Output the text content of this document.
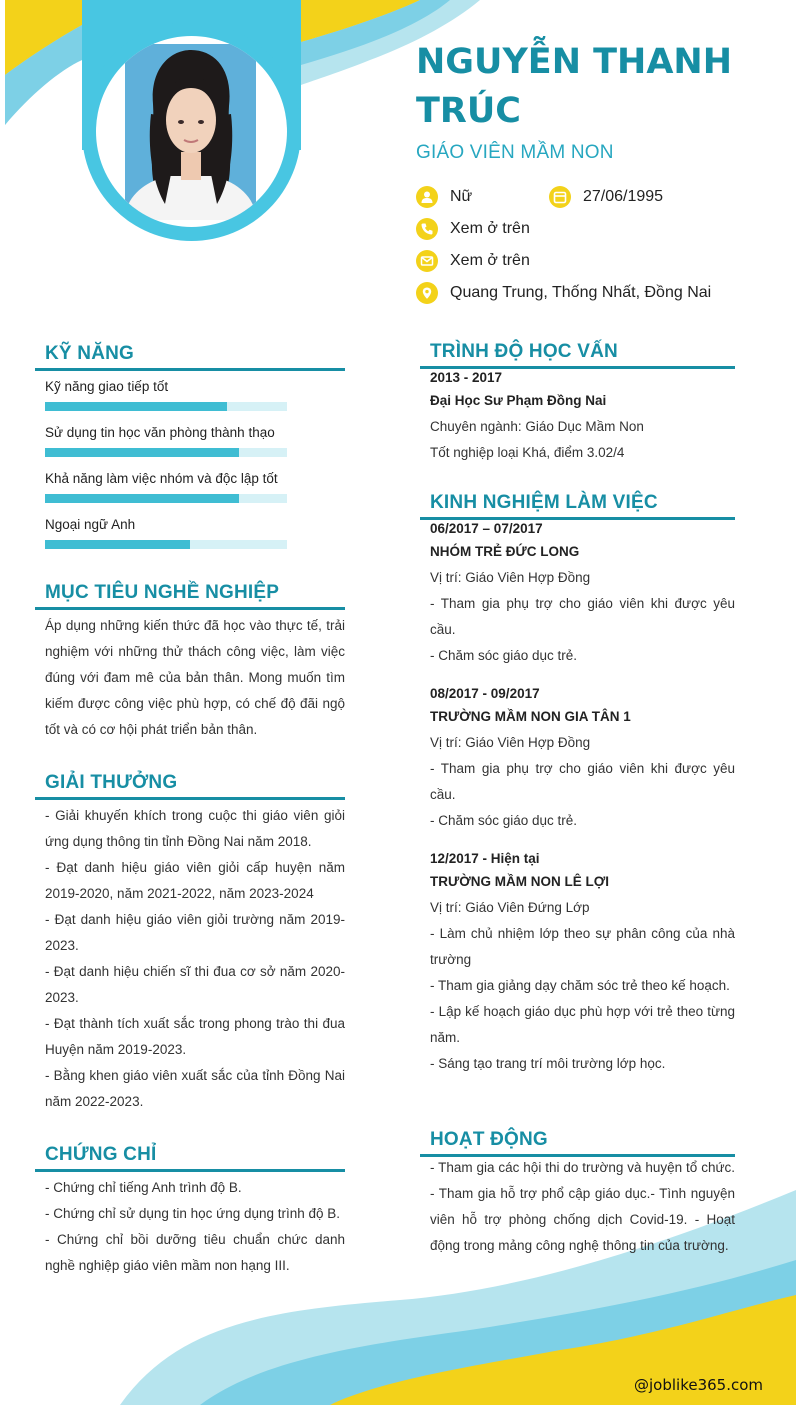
NGUYỄN THANH TRÚC
GIÁO VIÊN MẦM NON
Nữ	27/06/1995
Xem ở trên
Xem ở trên
Quang Trung, Thống Nhất, Đồng Nai
KỸ NĂNG
Kỹ năng giao tiếp tốt
Sử dụng tin học văn phòng thành thạo
Khả năng làm việc nhóm và độc lập tốt
Ngoại ngữ Anh
MỤC TIÊU NGHỀ NGHIỆP

Áp dụng những kiến thức đã học vào thực tế, trải nghiệm với những thử thách công việc, làm việc đúng với đam mê của bản thân. Mong muốn tìm kiếm được công việc phù hợp, có chế độ đãi ngộ tốt và có cơ hội phát triển bản thân.

GIẢI THƯỞNG

- Giải khuyến khích trong cuộc thi giáo viên giỏi ứng dụng thông tin tỉnh Đồng Nai năm 2018.

- Đạt danh hiệu giáo viên giỏi cấp huyện năm 2019-2020, năm 2021-2022, năm 2023-2024

- Đạt danh hiệu giáo viên giỏi trường năm 2019-2023.

- Đạt danh hiệu chiến sĩ thi đua cơ sở năm 2020-2023.

- Đạt thành tích xuất sắc trong phong trào thi đua Huyện năm 2019-2023.

- Bằng khen giáo viên xuất sắc của tỉnh Đồng Nai năm 2022-2023.

CHỨNG CHỈ

- Chứng chỉ tiếng Anh trình độ B.

- Chứng chỉ sử dụng tin học ứng dụng trình độ B.

- Chứng chỉ bồi dưỡng tiêu chuẩn chức danh nghề nghiệp giáo viên mầm non hạng III.

TRÌNH ĐỘ HỌC VẤN
2013 - 2017
Đại Học Sư Phạm Đồng Nai
Chuyên ngành: Giáo Dục Mầm Non
Tốt nghiệp loại Khá, điểm 3.02/4
KINH NGHIỆM LÀM VIỆC
06/2017 – 07/2017
NHÓM TRẺ ĐỨC LONG
Vị trí: Giáo Viên Hợp Đồng
- Tham gia phụ trợ cho giáo viên khi được yêu cầu.
- Chăm sóc giáo dục trẻ.
08/2017 - 09/2017
TRƯỜNG MẦM NON GIA TÂN 1
Vị trí: Giáo Viên Hợp Đồng
- Tham gia phụ trợ cho giáo viên khi được yêu cầu.
- Chăm sóc giáo dục trẻ.
12/2017 - Hiện tại
TRƯỜNG MẦM NON LÊ LỢI
Vị trí: Giáo Viên Đứng Lớp
- Làm chủ nhiệm lớp theo sự phân công của nhà trường
- Tham gia giảng dạy chăm sóc trẻ theo kế hoạch.
- Lập kế hoạch giáo dục phù hợp với trẻ theo từng năm.
- Sáng tạo trang trí môi trường lớp học.
HOẠT ĐỘNG

- Tham gia các hội thi do trường và huyện tổ chức. - Tham gia hỗ trợ phổ cập giáo dục.- Tình nguyện viên hỗ trợ phòng chống dịch Covid-19. - Hoạt động trong mảng công nghệ thông tin của trường.

@joblike365.com
